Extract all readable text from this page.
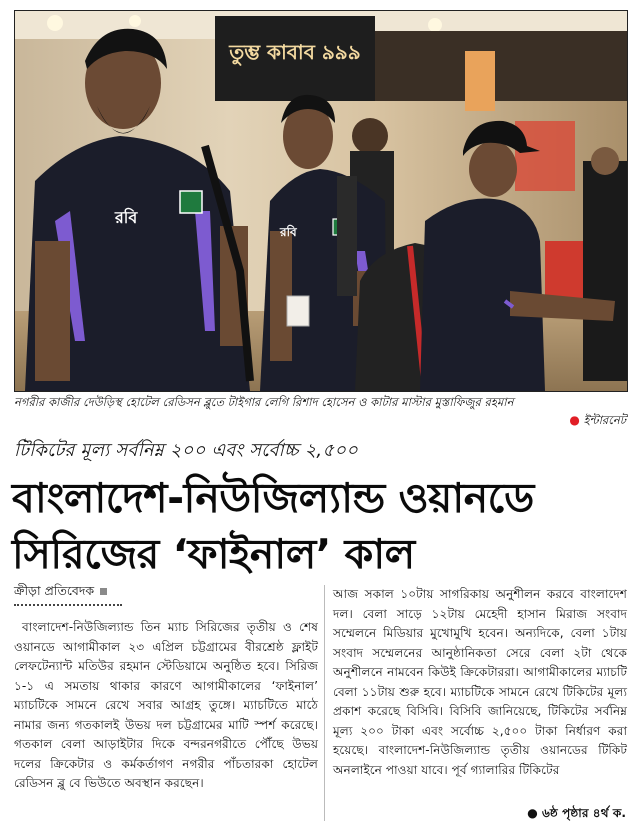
তুম্ভ কাবাব ৯৯৯
রবি
রবি
নগরীর কাজীর দেউড়িস্থ হোটেল রেডিসন ব্লুতে টাইগার লেগি রিশাদ হোসেন ও কাটার মাস্টার মুস্তাফিজুর রহমান
● ইন্টারনেট
টিকিটের মূল্য সর্বনিম্ন ২০০ এবং সর্বোচ্চ ২,৫০০
বাংলাদেশ-নিউজিল্যান্ড ওয়ানডে
সিরিজের ‘ফাইনাল’ কাল
ক্রীড়া প্রতিবেদক
বাংলাদেশ-নিউজিল্যান্ড তিন ম্যাচ সিরিজের তৃতীয় ও শেষ ওয়ানডে আগামীকাল ২৩ এপ্রিল চট্টগ্রামের বীরশ্রেষ্ঠ ফ্লাইট লেফটেন্যান্ট মতিউর রহমান স্টেডিয়ামে অনুষ্ঠিত হবে। সিরিজ ১-১ এ সমতায় থাকার কারণে আগামীকালের ‘ফাইনাল’ ম্যাচটিকে সামনে রেখে সবার আগ্রহ তুঙ্গে। ম্যাচটিতে মাঠে নামার জন্য গতকালই উভয় দল চট্টগ্রামের মাটি স্পর্শ করেছে। গতকাল বেলা আড়াইটার দিকে বন্দরনগরীতে পৌঁছে উভয় দলের ক্রিকেটার ও কর্মকর্তাগণ নগরীর পাঁচতারকা হোটেল রেডিসন ব্লু বে ভিউতে অবস্থান করছেন।
আজ সকাল ১০টায় সাগরিকায় অনুশীলন করবে বাংলাদেশ দল। বেলা সাড়ে ১২টায় মেহেদী হাসান মিরাজ সংবাদ সম্মেলনে মিডিয়ার মুখোমুখি হবেন। অন্যদিকে, বেলা ১টায় সংবাদ সম্মেলনের আনুষ্ঠানিকতা সেরে বেলা ২টা থেকে অনুশীলনে নামবেন কিউই ক্রিকেটাররা। আগামীকালের ম্যাচটি বেলা ১১টায় শুরু হবে। ম্যাচটিকে সামনে রেখে টিকিটের মূল্য প্রকাশ করেছে বিসিবি। বিসিবি জানিয়েছে, টিকিটের সর্বনিম্ন মূল্য ২০০ টাকা এবং সর্বোচ্চ ২,৫০০ টাকা নির্ধারণ করা হয়েছে। বাংলাদেশ-নিউজিল্যান্ড তৃতীয় ওয়ানডের টিকিট অনলাইনে পাওয়া যাবে। পূর্ব গ্যালারির টিকিটের
● ৬ষ্ঠ পৃষ্ঠার ৪র্থ ক.
